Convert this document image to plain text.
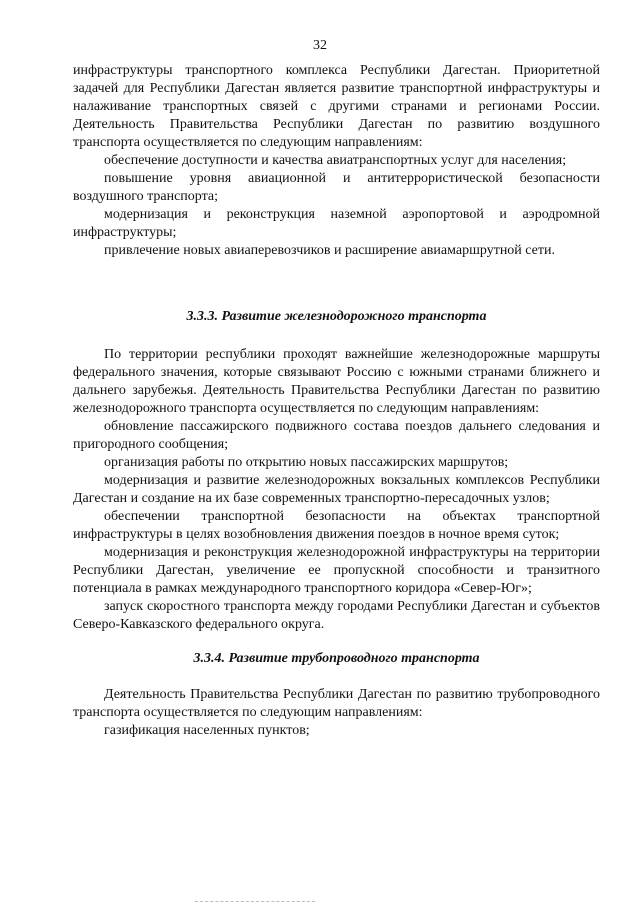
32

инфраструктуры транспортного комплекса Республики Дагестан. Приоритетной задачей для Республики Дагестан является развитие транспортной инфраструктуры и налаживание транспортных связей с другими странами и регионами России. Деятельность Правительства Республики Дагестан по развитию воздушного транспорта осуществляется по следующим направлениям:

обеспечение доступности и качества авиатранспортных услуг для населения;

повышение уровня авиационной и антитеррористической безопасности воздушного транспорта;

модернизация и реконструкция наземной аэропортовой и аэродромной инфраструктуры;

привлечение новых авиаперевозчиков и расширение авиамаршрутной сети.

3.3.3. Развитие железнодорожного транспорта

По территории республики проходят важнейшие железнодорожные маршруты федерального значения, которые связывают Россию с южными странами ближнего и дальнего зарубежья. Деятельность Правительства Республики Дагестан по развитию железнодорожного транспорта осуществляется по следующим направлениям:

обновление пассажирского подвижного состава поездов дальнего следования и пригородного сообщения;

организация работы по открытию новых пассажирских маршрутов;

модернизация и развитие железнодорожных вокзальных комплексов Республики Дагестан и создание на их базе современных транспортно-пересадочных узлов;

обеспечении транспортной безопасности на объектах транспортной инфраструктуры в целях возобновления движения поездов в ночное время суток;

модернизация и реконструкция железнодорожной инфраструктуры на территории Республики Дагестан, увеличение ее пропускной способности и транзитного потенциала в рамках международного транспортного коридора «Север-Юг»;

запуск скоростного транспорта между городами Республики Дагестан и субъектов Северо-Кавказского федерального округа.

3.3.4. Развитие трубопроводного транспорта

Деятельность Правительства Республики Дагестан по развитию трубопроводного транспорта осуществляется по следующим направлениям:

газификация населенных пунктов;
